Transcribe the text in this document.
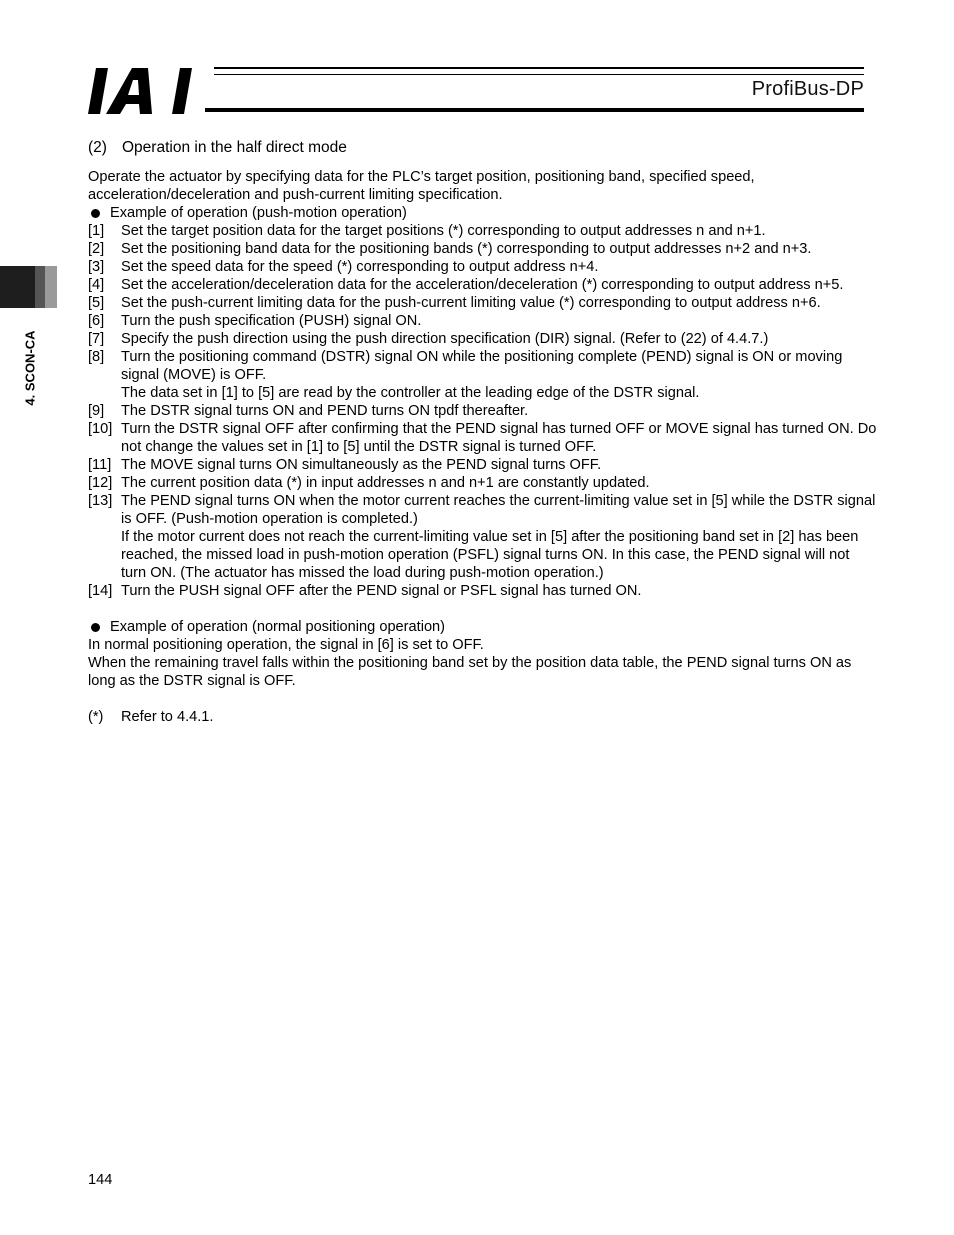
ProfiBus-DP
4. SCON-CA
(2) Operation in the half direct mode

Operate the actuator by specifying data for the PLC’s target position, positioning band, specified speed, acceleration/deceleration and push-current limiting specification.

Example of operation (push-motion operation)
[1]	Set the target position data for the target positions (*) corresponding to output addresses n and n+1.
[2]	Set the positioning band data for the positioning bands (*) corresponding to output addresses n+2 and n+3.
[3]	Set the speed data for the speed (*) corresponding to output address n+4.
[4]	Set the acceleration/deceleration data for the acceleration/deceleration (*) corresponding to output address n+5.
[5]	Set the push-current limiting data for the push-current limiting value (*) corresponding to output address n+6.
[6]	Turn the push specification (PUSH) signal ON.
[7]	Specify the push direction using the push direction specification (DIR) signal. (Refer to (22) of 4.4.7.)
[8]	Turn the positioning command (DSTR) signal ON while the positioning complete (PEND) signal is ON or moving signal (MOVE) is OFF.
The data set in [1] to [5] are read by the controller at the leading edge of the DSTR signal.
[9]	The DSTR signal turns ON and PEND turns ON tpdf thereafter.
[10] Turn the DSTR signal OFF after confirming that the PEND signal has turned OFF or MOVE signal has turned ON. Do not change the values set in [1] to [5] until the DSTR signal is turned OFF.
[11] The MOVE signal turns ON simultaneously as the PEND signal turns OFF.
[12] The current position data (*) in input addresses n and n+1 are constantly updated.
[13] The PEND signal turns ON when the motor current reaches the current-limiting value set in [5] while the DSTR signal is OFF. (Push-motion operation is completed.)
If the motor current does not reach the current-limiting value set in [5] after the positioning band set in [2] has been reached, the missed load in push-motion operation (PSFL) signal turns ON. In this case, the PEND signal will not turn ON. (The actuator has missed the load during push-motion operation.)
[14] Turn the PUSH signal OFF after the PEND signal or PSFL signal has turned ON.
Example of operation (normal positioning operation)

In normal positioning operation, the signal in [6] is set to OFF.

When the remaining travel falls within the positioning band set by the position data table, the PEND signal turns ON as long as the DSTR signal is OFF.

(*)	Refer to 4.4.1.
144
